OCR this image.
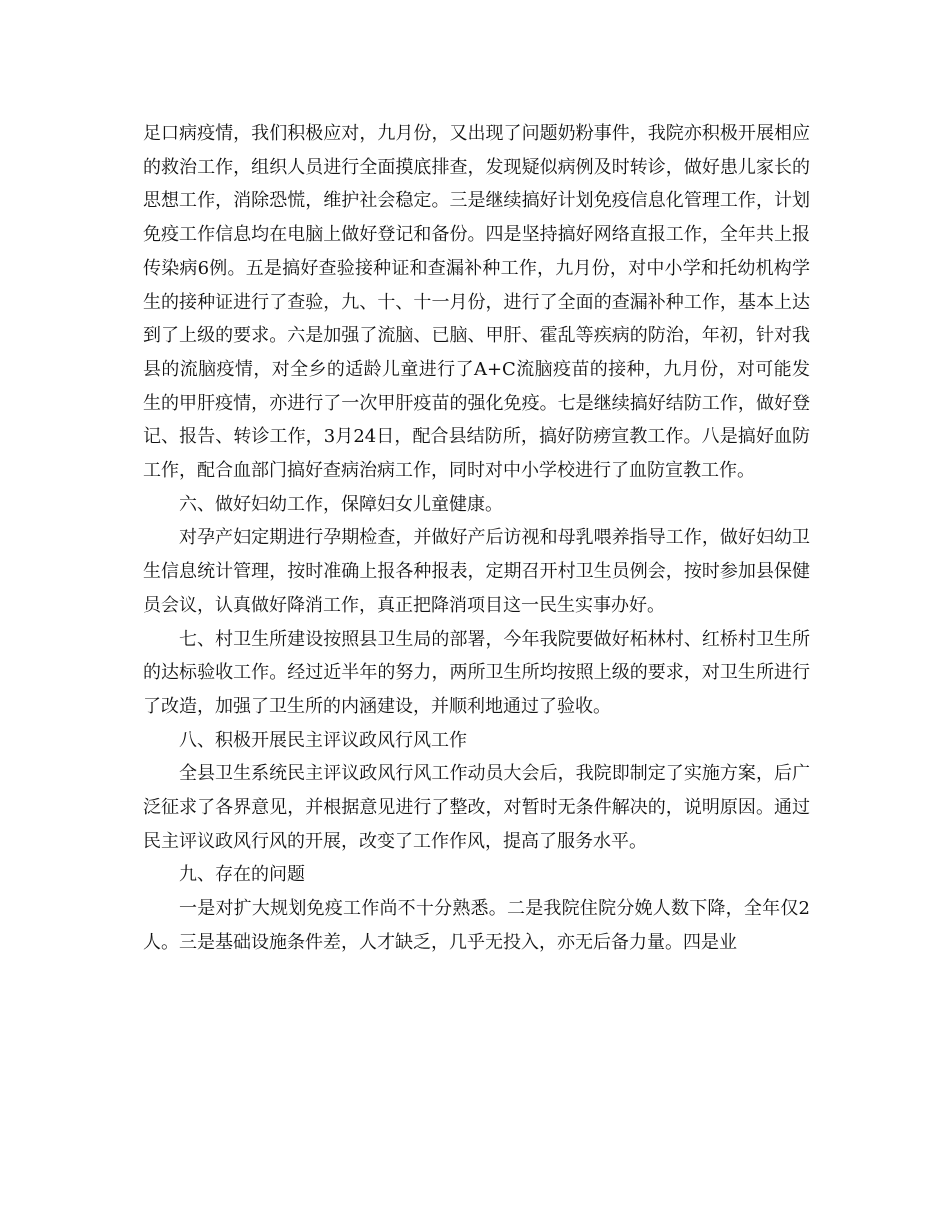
足口病疫情，我们积极应对，九月份，又出现了问题奶粉事件，我院亦积极开展相应的救治工作，组织人员进行全面摸底排查，发现疑似病例及时转诊，做好患儿家长的思想工作，消除恐慌，维护社会稳定。三是继续搞好计划免疫信息化管理工作，计划免疫工作信息均在电脑上做好登记和备份。四是坚持搞好网络直报工作，全年共上报传染病6例。五是搞好查验接种证和查漏补种工作，九月份，对中小学和托幼机构学生的接种证进行了查验，九、十、十一月份，进行了全面的查漏补种工作，基本上达到了上级的要求。六是加强了流脑、已脑、甲肝、霍乱等疾病的防治，年初，针对我县的流脑疫情，对全乡的适龄儿童进行了A+C流脑疫苗的接种，九月份，对可能发生的甲肝疫情，亦进行了一次甲肝疫苗的强化免疫。七是继续搞好结防工作，做好登记、报告、转诊工作，3月24日，配合县结防所，搞好防痨宣教工作。八是搞好血防工作，配合血部门搞好查病治病工作，同时对中小学校进行了血防宣教工作。

六、做好妇幼工作，保障妇女儿童健康。

对孕产妇定期进行孕期检查，并做好产后访视和母乳喂养指导工作，做好妇幼卫生信息统计管理，按时准确上报各种报表，定期召开村卫生员例会，按时参加县保健员会议，认真做好降消工作，真正把降消项目这一民生实事办好。

七、村卫生所建设按照县卫生局的部署，今年我院要做好柘林村、红桥村卫生所的达标验收工作。经过近半年的努力，两所卫生所均按照上级的要求，对卫生所进行了改造，加强了卫生所的内涵建设，并顺利地通过了验收。

八、积极开展民主评议政风行风工作

全县卫生系统民主评议政风行风工作动员大会后，我院即制定了实施方案，后广泛征求了各界意见，并根据意见进行了整改，对暂时无条件解决的，说明原因。通过民主评议政风行风的开展，改变了工作作风，提高了服务水平。

九、存在的问题

一是对扩大规划免疫工作尚不十分熟悉。二是我院住院分娩人数下降，全年仅2人。三是基础设施条件差，人才缺乏，几乎无投入，亦无后备力量。四是业
